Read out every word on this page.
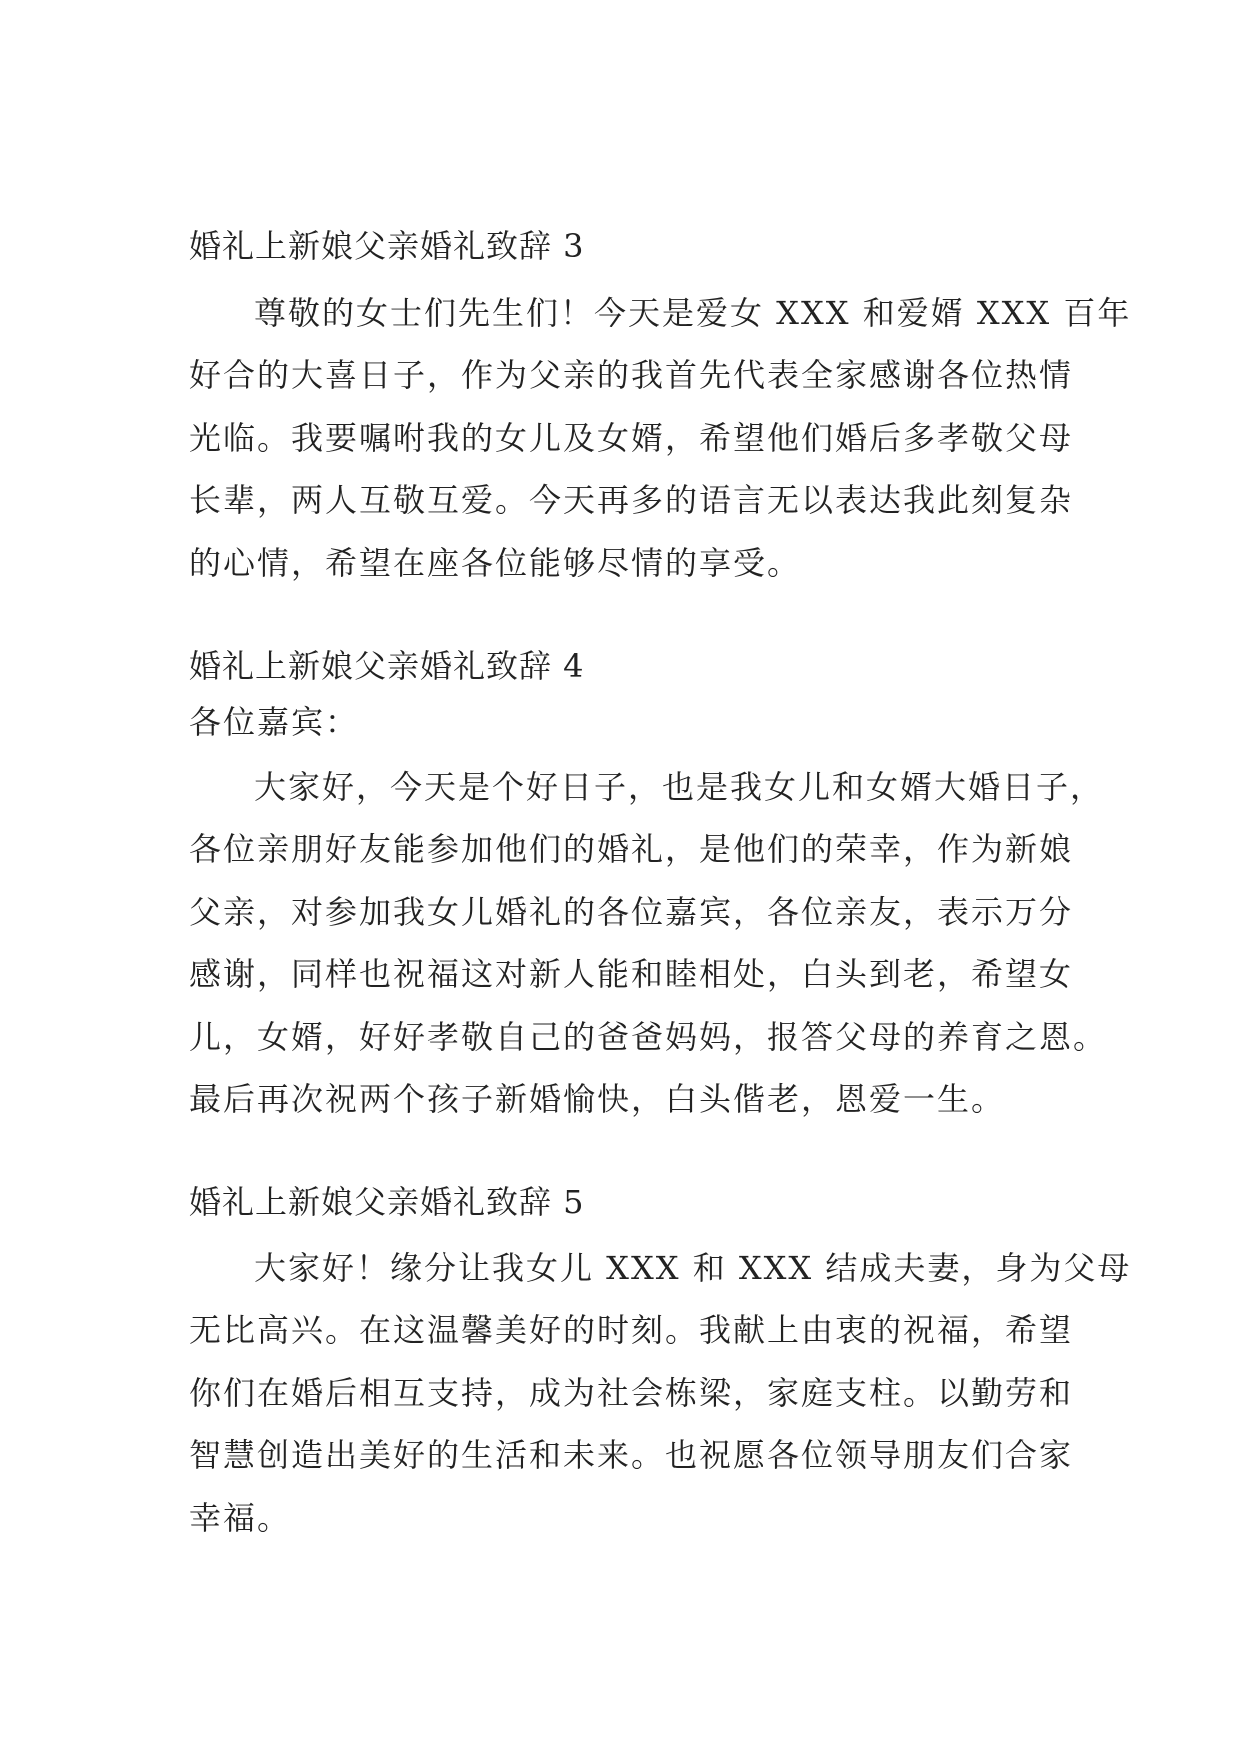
婚礼上新娘父亲婚礼致辞 3
尊敬的女士们先生们！今天是爱女 XXX 和爱婿 XXX 百年
好合的大喜日子，作为父亲的我首先代表全家感谢各位热情
光临。我要嘱咐我的女儿及女婿，希望他们婚后多孝敬父母
长辈，两人互敬互爱。今天再多的语言无以表达我此刻复杂
的心情，希望在座各位能够尽情的享受。
婚礼上新娘父亲婚礼致辞 4
各位嘉宾：
大家好，今天是个好日子，也是我女儿和女婿大婚日子，
各位亲朋好友能参加他们的婚礼，是他们的荣幸，作为新娘
父亲，对参加我女儿婚礼的各位嘉宾，各位亲友，表示万分
感谢，同样也祝福这对新人能和睦相处，白头到老，希望女
儿，女婿，好好孝敬自己的爸爸妈妈，报答父母的养育之恩。
最后再次祝两个孩子新婚愉快，白头偕老，恩爱一生。
婚礼上新娘父亲婚礼致辞 5
大家好！缘分让我女儿 XXX 和 XXX 结成夫妻，身为父母
无比高兴。在这温馨美好的时刻。我献上由衷的祝福，希望
你们在婚后相互支持，成为社会栋梁，家庭支柱。以勤劳和
智慧创造出美好的生活和未来。也祝愿各位领导朋友们合家
幸福。
